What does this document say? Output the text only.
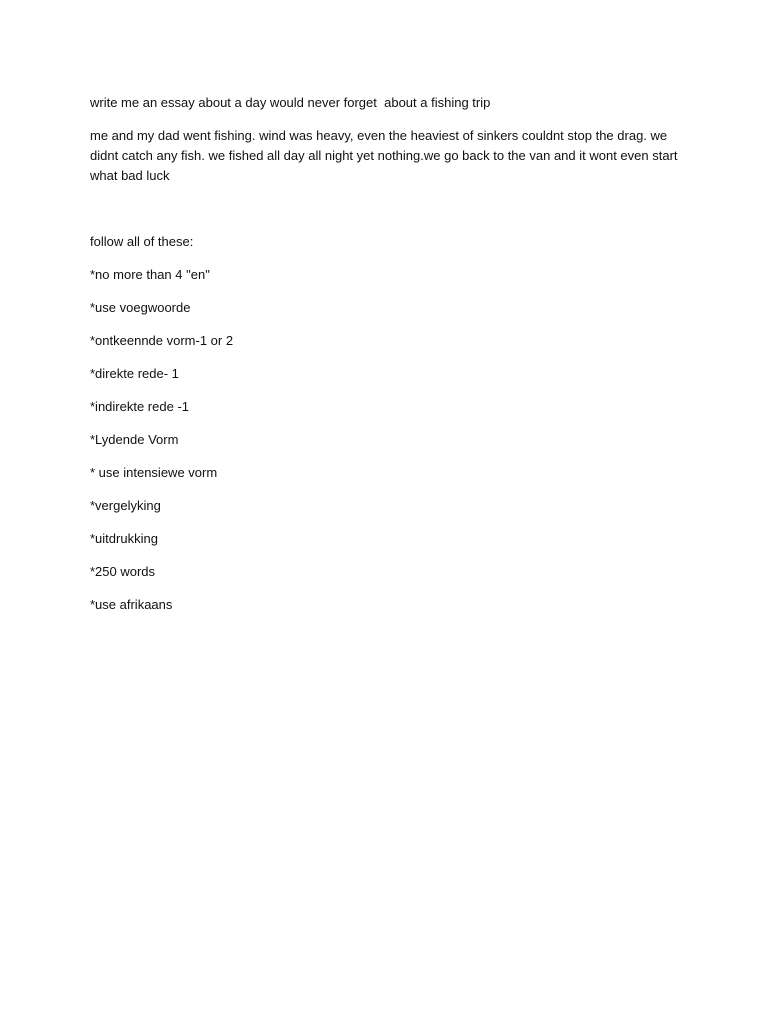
write me an essay about a day would never forget  about a fishing trip

me and my dad went fishing. wind was heavy, even the heaviest of sinkers couldnt stop the drag. we didnt catch any fish. we fished all day all night yet nothing.we go back to the van and it wont even start what bad luck

follow all of these:

*no more than 4 "en"
*use voegwoorde
*ontkeennde vorm-1 or 2
*direkte rede- 1
*indirekte rede -1
*Lydende Vorm
* use intensiewe vorm
*vergelyking
*uitdrukking
*250 words
*use afrikaans
